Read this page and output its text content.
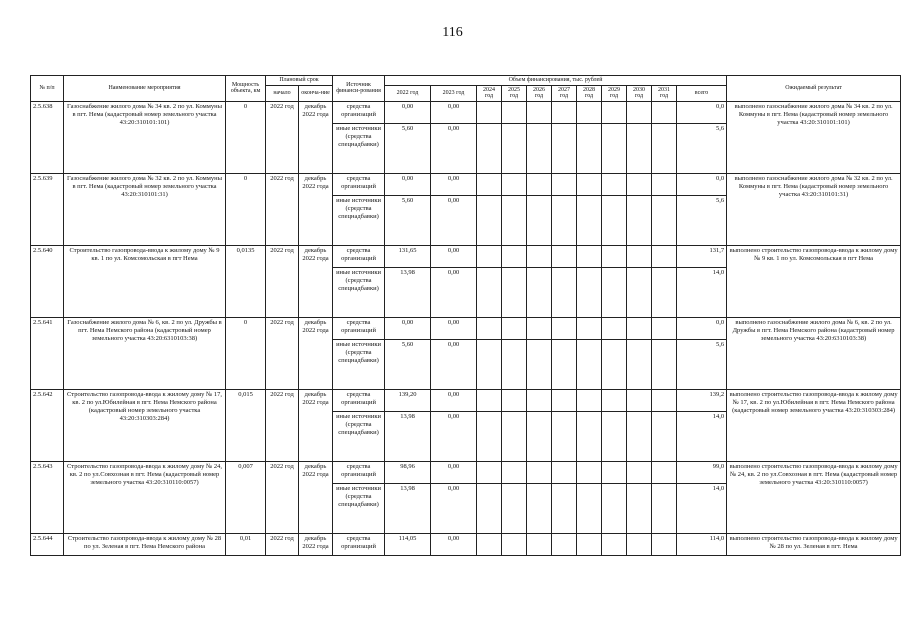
116
№ п/п	Наименование мероприятия	Мощность объекта, км	Плановый срок		Источник финанси-рования	Объем финансирования, тыс. рублей											Ожидаемый результат
			начало	оконча-ние		2022 год	2023 год	2024 год	2025 год	2026 год	2027 год	2028 год	2029 год	2030 год	2031 год	всего	
2.5.638	Газоснабжение жилого дома № 34 кв. 2 по ул. Коммуны в пгт. Нема (кадастровый номер земельного участка 43:20:310101:101)	0	2022 год	декабрь 2022 года	средства организаций	0,00	0,00									0,0	выполнено газоснабжение жилого дома № 34 кв. 2 по ул. Коммуны в пгт. Нема (кадастровый номер земельного участка 43:20:310101:101)
					иные источники (средства спецнадбавки)	5,60	0,00									5,6	
2.5.639	Газоснабжение жилого дома № 32 кв. 2 по ул. Коммуны в пгт. Нема (кадастровый номер земельного участка 43:20:310101:31)	0	2022 год	декабрь 2022 года	средства организаций	0,00	0,00									0,0	выполнено газоснабжение жилого дома № 32 кв. 2 по ул. Коммуны в пгт. Нема (кадастровый номер земельного участка 43:20:310101:31)
					иные источники (средства спецнадбавки)	5,60	0,00									5,6	
2.5.640	Строительство газопровода-ввода к жилому дому № 9 кв. 1 по ул. Комсомольская в пгт Нема	0,0135	2022 год	декабрь 2022 года	средства организаций	131,65	0,00									131,7	выполнено строительство газопровода-ввода к жилому дому № 9 кв. 1 по ул. Комсомольская в пгт Нема
					иные источники (средства спецнадбавки)	13,98	0,00									14,0	
2.5.641	Газоснабжение жилого дома № 6, кв. 2 по ул. Дружбы в пгт. Нема Немского района (кадастровый номер земельного участка 43:20:6310103:38)	0	2022 год	декабрь 2022 года	средства организаций	0,00	0,00									0,0	выполнено газоснабжение жилого дома № 6, кв. 2 по ул. Дружбы в пгт. Нема Немского района (кадастровый номер земельного участка 43:20:6310103:38)
					иные источники (средства спецнадбавки)	5,60	0,00									5,6	
2.5.642	Строительство газопровода-ввода к жилому дому № 17, кв. 2 по ул.Юбилейная в пгт. Нема Немского района (кадастровый номер земельного участка 43:20:310303:284)	0,015	2022 год	декабрь 2022 года	средства организаций	139,20	0,00									139,2	выполнено строительство газопровода-ввода к жилому дому № 17, кв. 2 по ул.Юбилейная в пгт. Нема Немского района (кадастровый номер земельного участка 43:20:310303:284)
					иные источники (средства спецнадбавки)	13,98	0,00									14,0	
2.5.643	Строительство газопровода-ввода к жилому дому № 24, кв. 2 по ул.Совхозная в пгт. Нема (кадастровый номер земельного участка 43:20:310110:0057)	0,007	2022 год	декабрь 2022 года	средства организаций	98,96	0,00									99,0	выполнено строительство газопровода-ввода к жилому дому № 24, кв. 2 по ул.Совхозная в пгт. Нема (кадастровый номер земельного участка 43:20:310110:0057)
					иные источники (средства спецнадбавки)	13,98	0,00									14,0	
2.5.644	Строительство газопровода-ввода к жилому дому № 28 по ул. Зеленая в пгт. Нема Немского района	0,01	2022 год	декабрь 2022 года	средства организаций	114,05	0,00									114,0	выполнено строительство газопровода-ввода к жилому дому № 28 по ул. Зеленая в пгт. Нема
